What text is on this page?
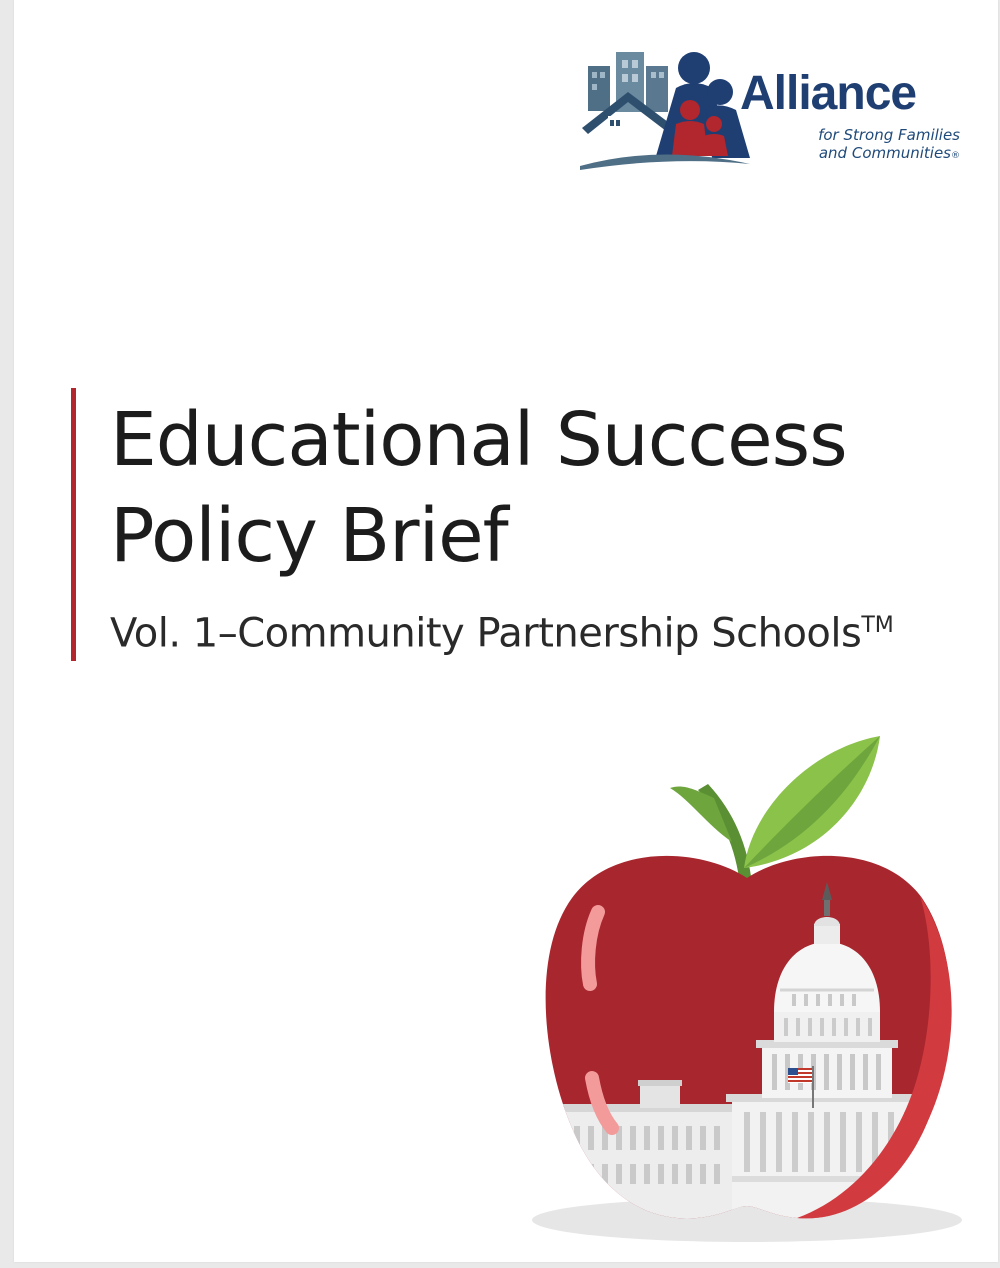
Alliance
for Strong Families
and Communities®
Educational Success
Policy Brief
Vol. 1–Community Partnership Schools™
